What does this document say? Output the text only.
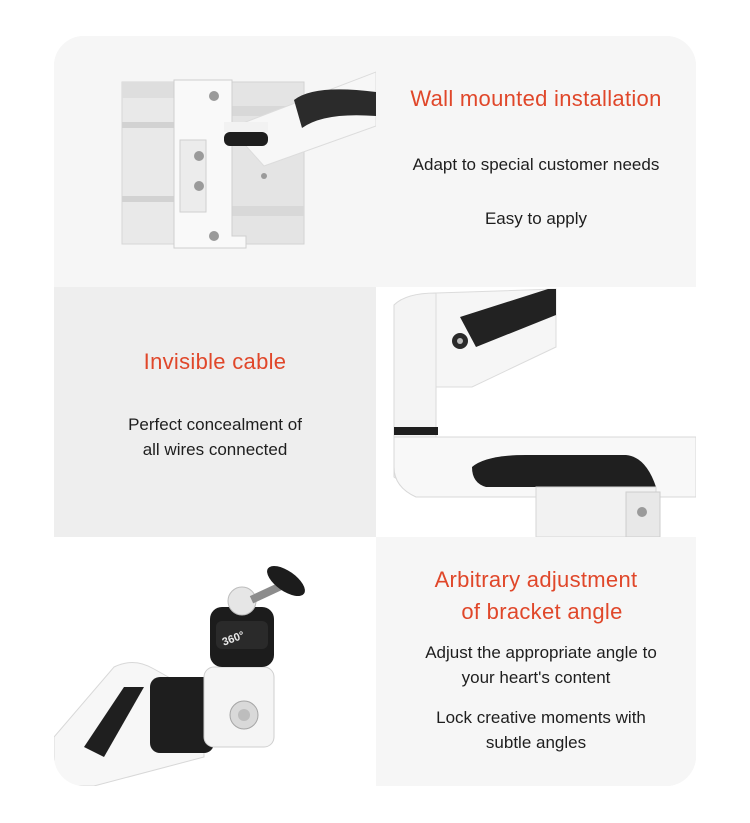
Wall mounted installation
Adapt to special customer needs
Easy to apply
Invisible cable
Perfect concealment of
all wires connected
360°
Arbitrary adjustment
of bracket angle
Adjust the appropriate angle to
your heart's content
Lock creative moments with
subtle angles
